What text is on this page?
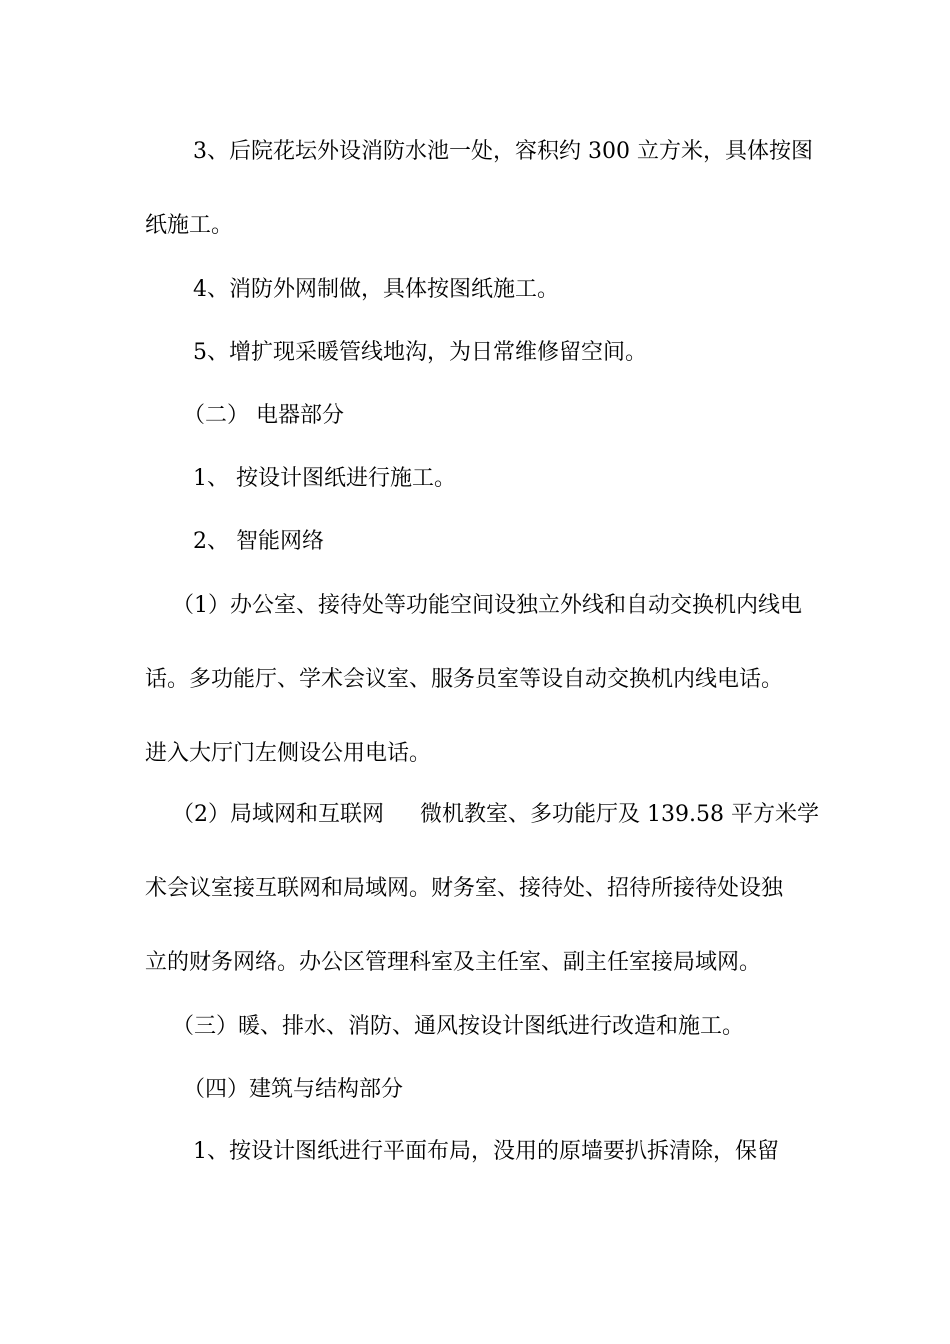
3、后院花坛外设消防水池一处，容积约 300 立方米，具体按图
纸施工。
4、消防外网制做，具体按图纸施工。
5、增扩现采暖管线地沟，为日常维修留空间。
（二） 电器部分
1、 按设计图纸进行施工。
2、 智能网络
（1）办公室、接待处等功能空间设独立外线和自动交换机内线电
话。多功能厅、学术会议室、服务员室等设自动交换机内线电话。
进入大厅门左侧设公用电话。
（2）局域网和互联网 微机教室、多功能厅及 139.58 平方米学
术会议室接互联网和局域网。财务室、接待处、招待所接待处设独
立的财务网络。办公区管理科室及主任室、副主任室接局域网。
（三）暖、排水、消防、通风按设计图纸进行改造和施工。
（四）建筑与结构部分
1、按设计图纸进行平面布局，没用的原墙要扒拆清除，保留
